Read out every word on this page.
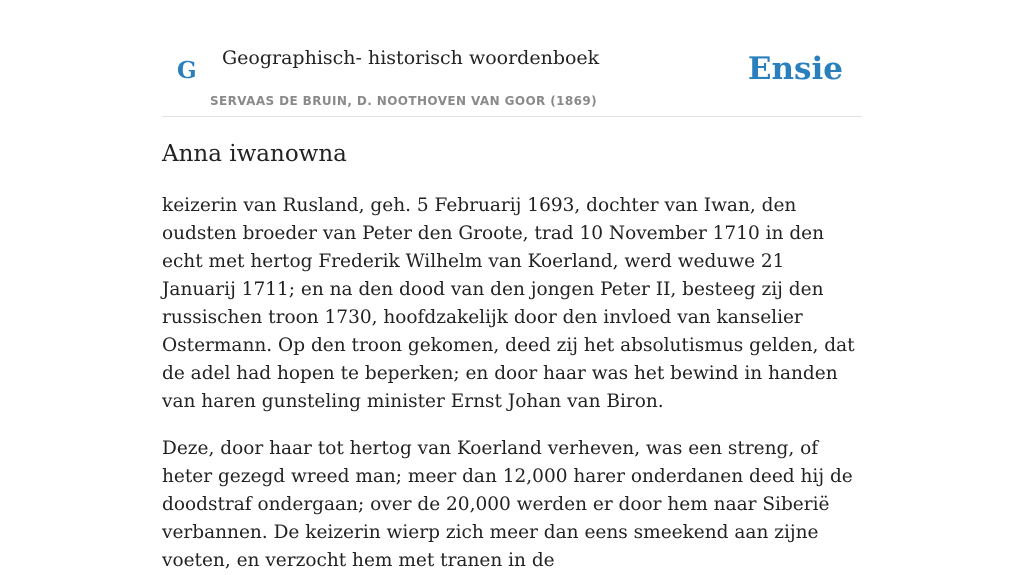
G Geographisch- historisch woordenboek
SERVAAS DE BRUIN, D. NOOTHOVEN VAN GOOR (1869)
Ensie
Anna iwanowna

keizerin van Rusland, geh. 5 Februarij 1693, dochter van Iwan, den oudsten broeder van Peter den Groote, trad 10 November 1710 in den echt met hertog Frederik Wilhelm van Koerland, werd weduwe 21 Januarij 1711; en na den dood van den jongen Peter II, besteeg zij den russischen troon 1730, hoofdzakelijk door den invloed van kanselier Ostermann. Op den troon gekomen, deed zij het absolutismus gelden, dat de adel had hopen te beperken; en door haar was het bewind in handen van haren gunsteling minister Ernst Johan van Biron.

Deze, door haar tot hertog van Koerland verheven, was een streng, of heter gezegd wreed man; meer dan 12,000 harer onderdanen deed hij de doodstraf ondergaan; over de 20,000 werden er door hem naar Siberië verbannen. De keizerin wierp zich meer dan eens smeekend aan zijne voeten, en verzocht hem met tranen in de
